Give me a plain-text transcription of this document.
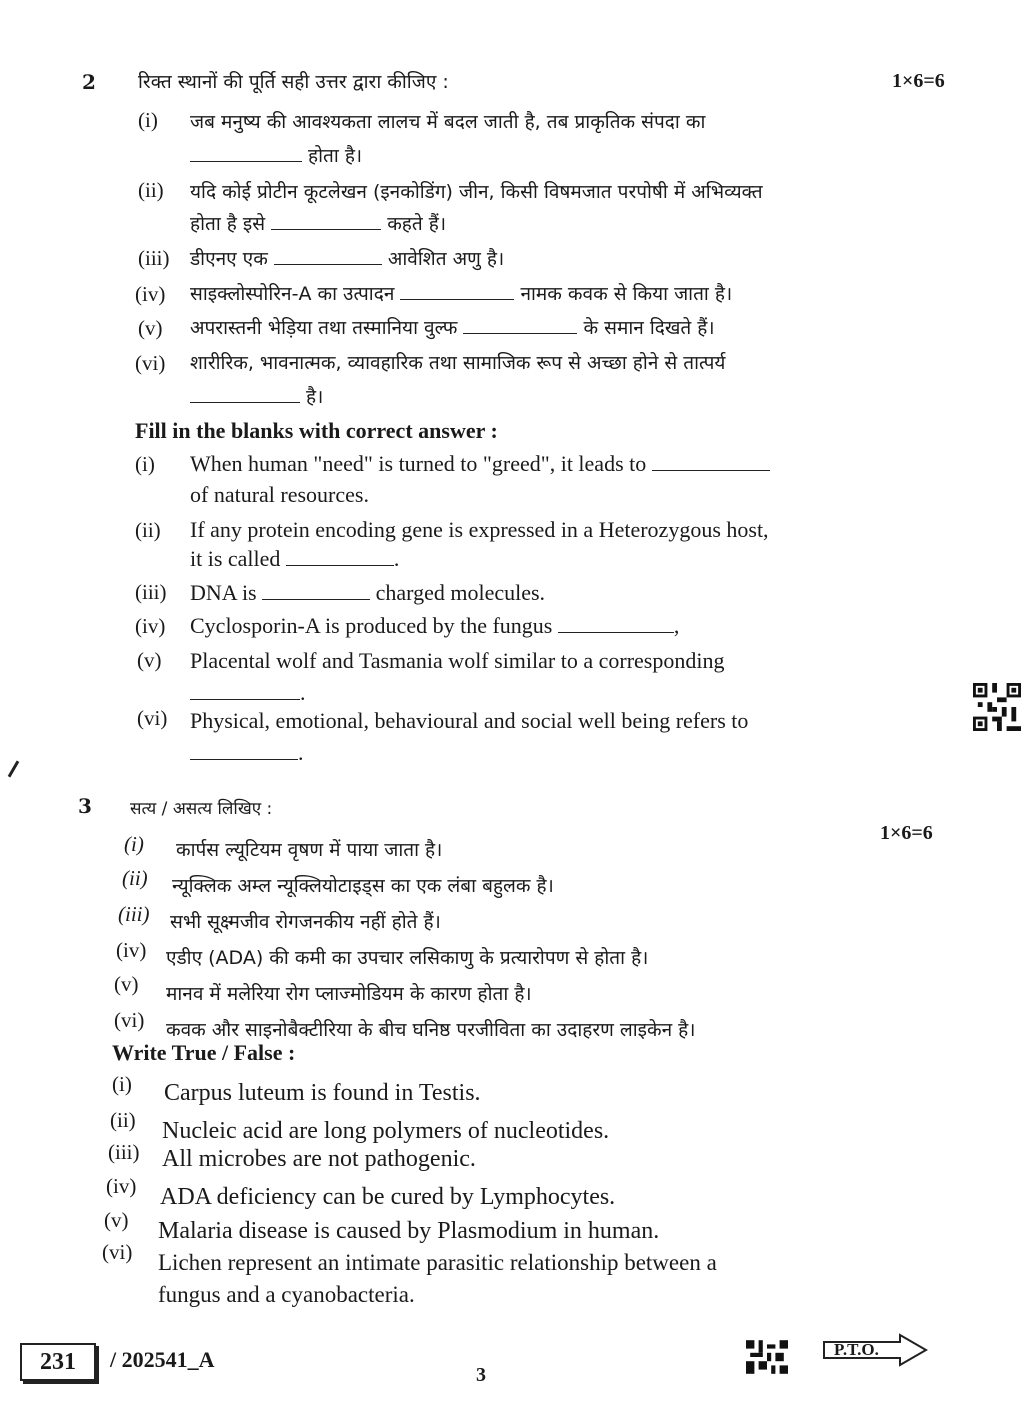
2 रिक्त स्थानों की पूर्ति सही उत्तर द्वारा कीजिए :	1×6=6
(i) जब मनुष्य की आवश्यकता लालच में बदल जाती है, तब प्राकृतिक संपदा का
होता है।
(ii) यदि कोई प्रोटीन कूटलेखन (इनकोडिंग) जीन, किसी विषमजात परपोषी में अभिव्यक्त
होता है इसे	कहते हैं।
(iii) डीएनए एक	आवेशित अणु है।
(iv) साइक्लोस्पोरिन-A का उत्पादन	नामक कवक से किया जाता है।
(v) अपरास्तनी भेड़िया तथा तस्मानिया वुल्फ	के समान दिखते हैं।
(vi) शारीरिक, भावनात्मक, व्यावहारिक तथा सामाजिक रूप से अच्छा होने से तात्पर्य
है।
Fill in the blanks with correct answer :
(i) When human "need" is turned to "greed", it leads to
of natural resources.
(ii) If any protein encoding gene is expressed in a Heterozygous host,
it is called	.
(iii) DNA is	charged molecules.
(iv) Cyclosporin-A is produced by the fungus	,
(v) Placental wolf and Tasmania wolf similar to a corresponding
.
(vi) Physical, emotional, behavioural and social well being refers to
.
3 सत्य / असत्य लिखिए :
1×6=6
(i) कार्पस ल्यूटियम वृषण में पाया जाता है।
(ii) न्यूक्लिक अम्ल न्यूक्लियोटाइड्स का एक लंबा बहुलक है।
(iii) सभी सूक्ष्मजीव रोगजनकीय नहीं होते हैं।
(iv) एडीए (ADA) की कमी का उपचार लसिकाणु के प्रत्यारोपण से होता है।
(v) मानव में मलेरिया रोग प्लाज्मोडियम के कारण होता है।
(vi) कवक और साइनोबैक्टीरिया के बीच घनिष्ठ परजीविता का उदाहरण लाइकेन है।
Write True / False :
(i) Carpus luteum is found in Testis.
(ii) Nucleic acid are long polymers of nucleotides.
(iii) All microbes are not pathogenic.
(iv) ADA deficiency can be cured by Lymphocytes.
(v) Malaria disease is caused by Plasmodium in human.
(vi) Lichen represent an intimate parasitic relationship between a
fungus and a cyanobacteria.
231	/ 202541_A
3
P.T.O.
